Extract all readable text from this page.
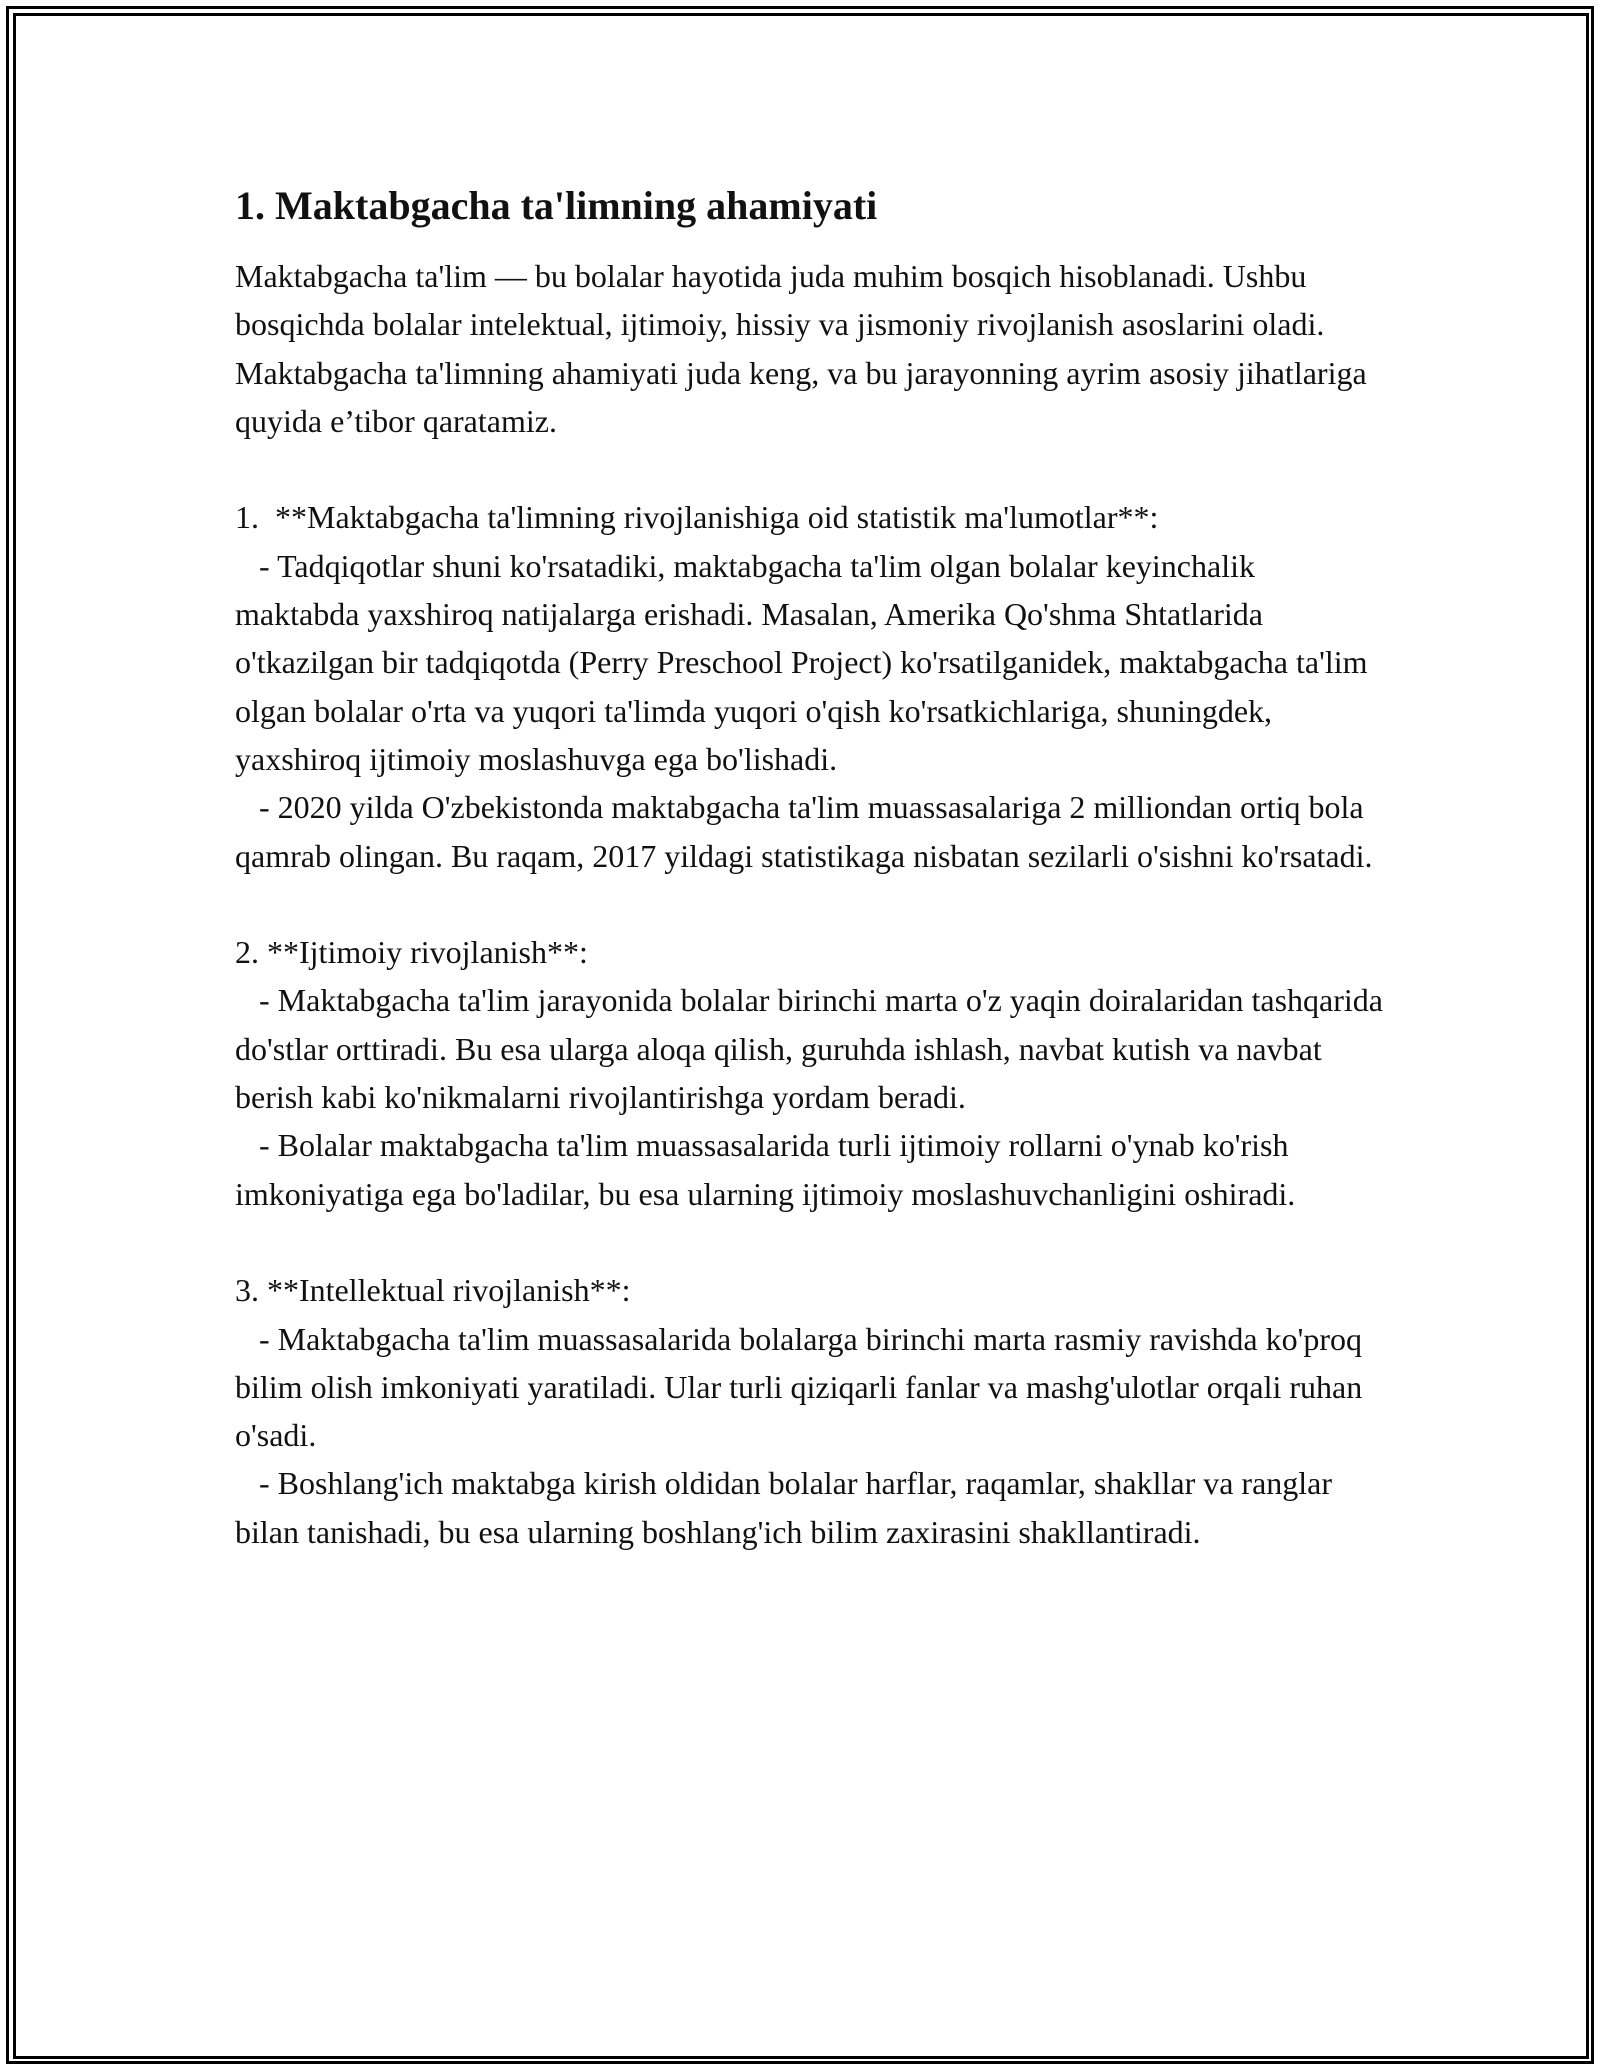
1. Maktabgacha ta'limning ahamiyati

Maktabgacha ta'lim — bu bolalar hayotida juda muhim bosqich hisoblanadi. Ushbu bosqichda bolalar intelektual, ijtimoiy, hissiy va jismoniy rivojlanish asoslarini oladi. Maktabgacha ta'limning ahamiyati juda keng, va bu jarayonning ayrim asosiy jihatlariga quyida e’tibor qaratamiz.

1.  **Maktabgacha ta'limning rivojlanishiga oid statistik ma'lumotlar**:

- Tadqiqotlar shuni ko'rsatadiki, maktabgacha ta'lim olgan bolalar keyinchalik maktabda yaxshiroq natijalarga erishadi. Masalan, Amerika Qo'shma Shtatlarida o'tkazilgan bir tadqiqotda (Perry Preschool Project) ko'rsatilganidek, maktabgacha ta'lim olgan bolalar o'rta va yuqori ta'limda yuqori o'qish ko'rsatkichlariga, shuningdek, yaxshiroq ijtimoiy moslashuvga ega bo'lishadi.

- 2020 yilda O'zbekistonda maktabgacha ta'lim muassasalariga 2 milliondan ortiq bola qamrab olingan. Bu raqam, 2017 yildagi statistikaga nisbatan sezilarli o'sishni ko'rsatadi.

2. **Ijtimoiy rivojlanish**:

- Maktabgacha ta'lim jarayonida bolalar birinchi marta o'z yaqin doiralaridan tashqarida do'stlar orttiradi. Bu esa ularga aloqa qilish, guruhda ishlash, navbat kutish va navbat berish kabi ko'nikmalarni rivojlantirishga yordam beradi.

- Bolalar maktabgacha ta'lim muassasalarida turli ijtimoiy rollarni o'ynab ko'rish imkoniyatiga ega bo'ladilar, bu esa ularning ijtimoiy moslashuvchanligini oshiradi.

3. **Intellektual rivojlanish**:

- Maktabgacha ta'lim muassasalarida bolalarga birinchi marta rasmiy ravishda ko'proq bilim olish imkoniyati yaratiladi. Ular turli qiziqarli fanlar va mashg'ulotlar orqali ruhan o'sadi.

- Boshlang'ich maktabga kirish oldidan bolalar harflar, raqamlar, shakllar va ranglar bilan tanishadi, bu esa ularning boshlang'ich bilim zaxirasini shakllantiradi.
